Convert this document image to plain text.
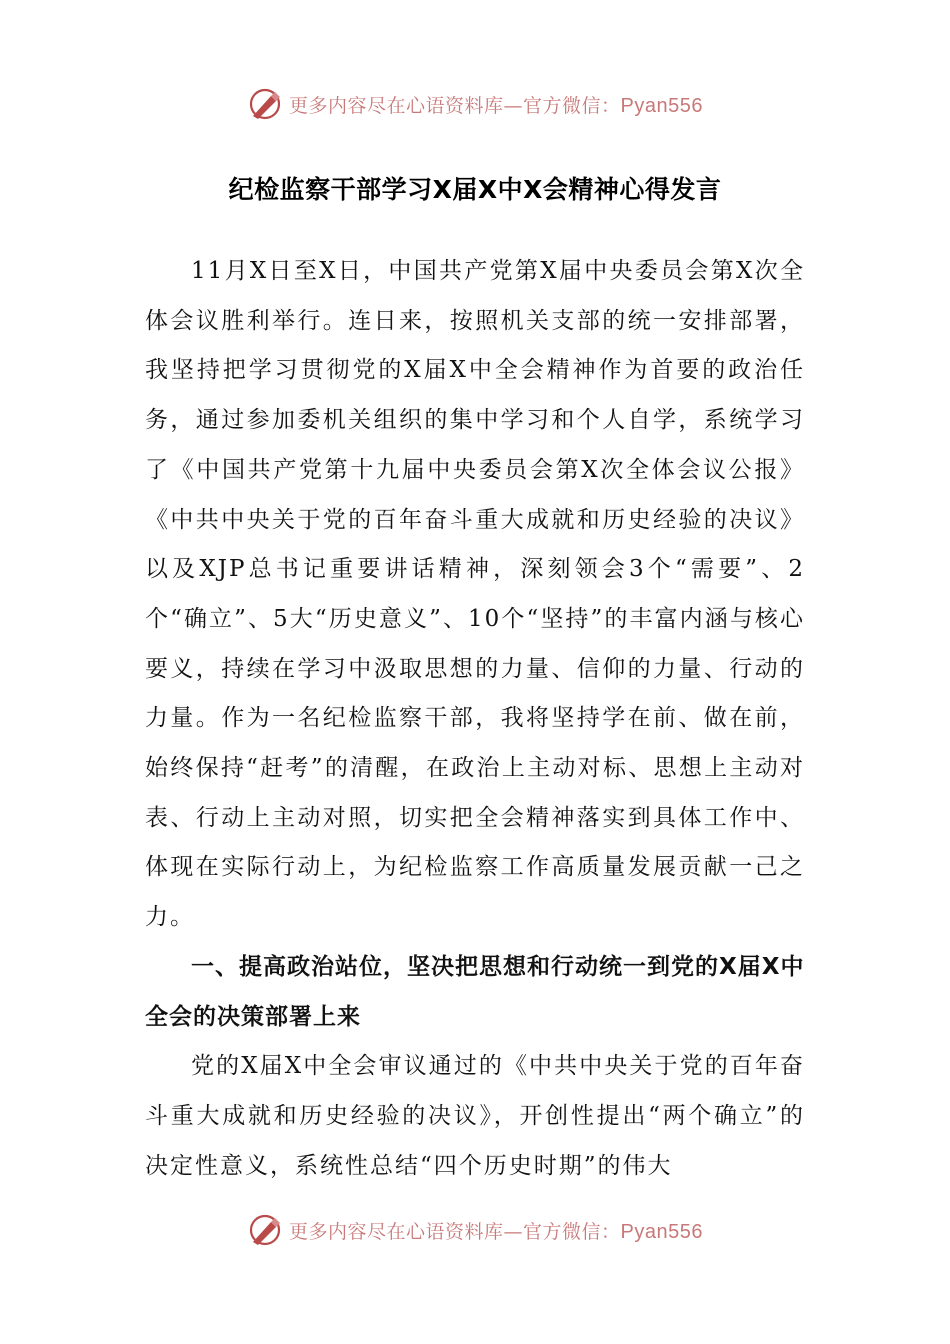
更多内容尽在心语资料库—官方微信：Pyan556
纪检监察干部学习X届X中X会精神心得发言

11月X日至X日，中国共产党第X届中央委员会第X次全体会议胜利举行。连日来，按照机关支部的统一安排部署，我坚持把学习贯彻党的X届X中全会精神作为首要的政治任务，通过参加委机关组织的集中学习和个人自学，系统学习了《中国共产党第十九届中央委员会第X次全体会议公报》《中共中央关于党的百年奋斗重大成就和历史经验的决议》以及XJP总书记重要讲话精神，深刻领会3个“需要”、2个“确立”、5大“历史意义”、10个“坚持”的丰富内涵与核心要义，持续在学习中汲取思想的力量、信仰的力量、行动的力量。作为一名纪检监察干部，我将坚持学在前、做在前，始终保持“赶考”的清醒，在政治上主动对标、思想上主动对表、行动上主动对照，切实把全会精神落实到具体工作中、体现在实际行动上，为纪检监察工作高质量发展贡献一己之力。

一、提高政治站位，坚决把思想和行动统一到党的X届X中全会的决策部署上来

党的X届X中全会审议通过的《中共中央关于党的百年奋斗重大成就和历史经验的决议》，开创性提出“两个确立”的决定性意义，系统性总结“四个历史时期”的伟大

更多内容尽在心语资料库—官方微信：Pyan556
